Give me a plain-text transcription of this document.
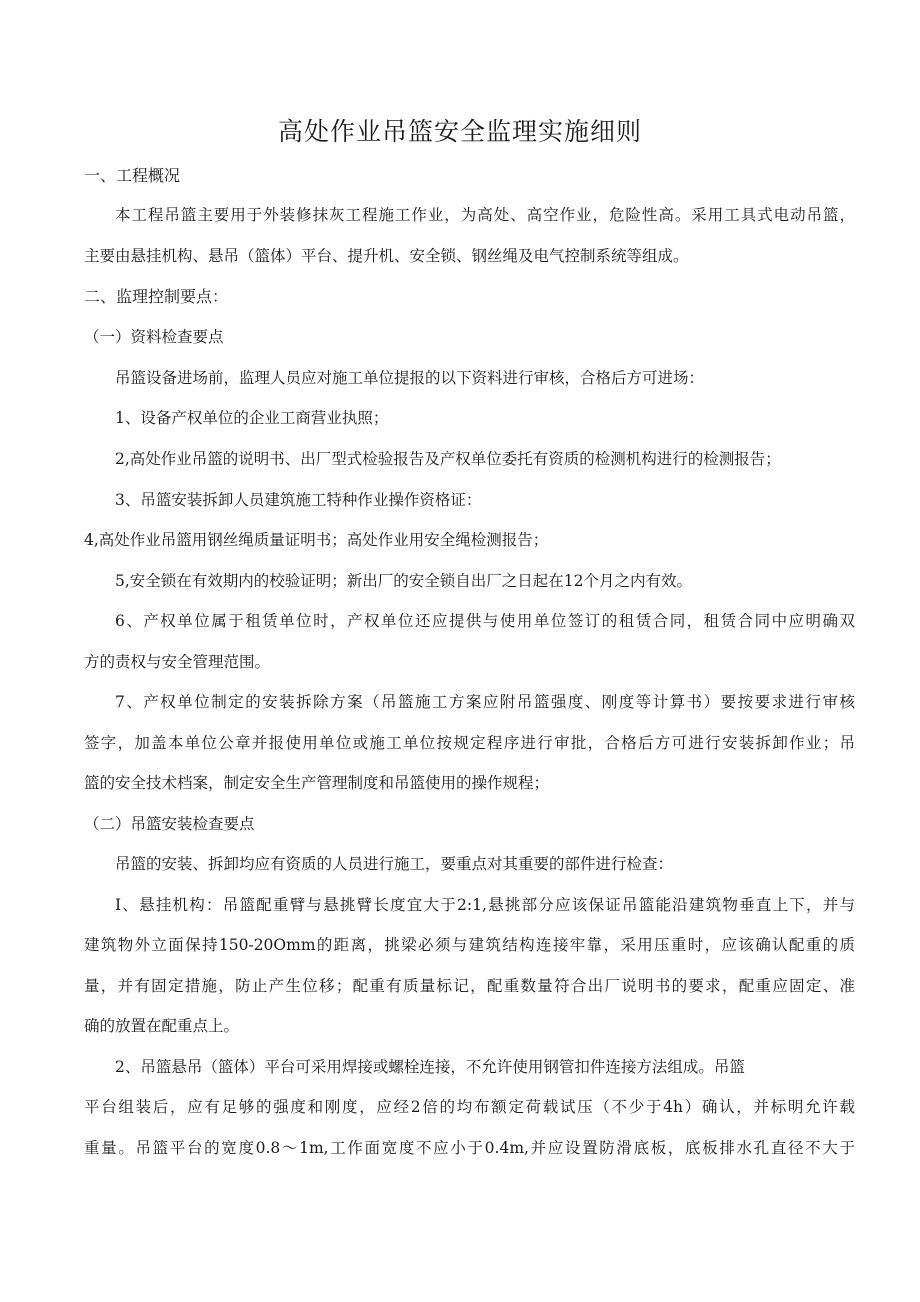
高处作业吊篮安全监理实施细则
一、工程概况
本工程吊篮主要用于外装修抹灰工程施工作业，为高处、高空作业，危险性高。采用工具式电动吊篮，
主要由悬挂机构、悬吊（篮体）平台、提升机、安全锁、钢丝绳及电气控制系统等组成。
二、监理控制要点：
（一）资料检查要点
吊篮设备进场前，监理人员应对施工单位提报的以下资料进行审核，合格后方可进场：
1、设备产权单位的企业工商营业执照；
2,高处作业吊篮的说明书、出厂型式检验报告及产权单位委托有资质的检测机构进行的检测报告；
3、吊篮安装拆卸人员建筑施工特种作业操作资格证：
4,高处作业吊篮用钢丝绳质量证明书；高处作业用安全绳检测报告；
5,安全锁在有效期内的校验证明；新出厂的安全锁自出厂之日起在12个月之内有效。
6、产权单位属于租赁单位时，产权单位还应提供与使用单位签订的租赁合同，租赁合同中应明确双
方的责权与安全管理范围。
7、产权单位制定的安装拆除方案（吊篮施工方案应附吊篮强度、刚度等计算书）要按要求进行审核
签字，加盖本单位公章并报使用单位或施工单位按规定程序进行审批，合格后方可进行安装拆卸作业；吊
篮的安全技术档案，制定安全生产管理制度和吊篮使用的操作规程；
（二）吊篮安装检查要点
吊篮的安装、拆卸均应有资质的人员进行施工，要重点对其重要的部件进行检查：
I、悬挂机构：吊篮配重臂与悬挑臂长度宜大于2:1,悬挑部分应该保证吊篮能沿建筑物垂直上下，并与
建筑物外立面保持150-20Omm的距离，挑梁必须与建筑结构连接牢靠，采用压重时，应该确认配重的质
量，并有固定措施，防止产生位移；配重有质量标记，配重数量符合出厂说明书的要求，配重应固定、准
确的放置在配重点上。
2、吊篮悬吊（篮体）平台可采用焊接或螺栓连接，不允许使用钢管扣件连接方法组成。吊篮
平台组装后，应有足够的强度和刚度，应经2倍的均布额定荷载试压（不少于4h）确认，并标明允许载
重量。吊篮平台的宽度0.8～1m,工作面宽度不应小于0.4m,并应设置防滑底板，底板排水孔直径不大于
